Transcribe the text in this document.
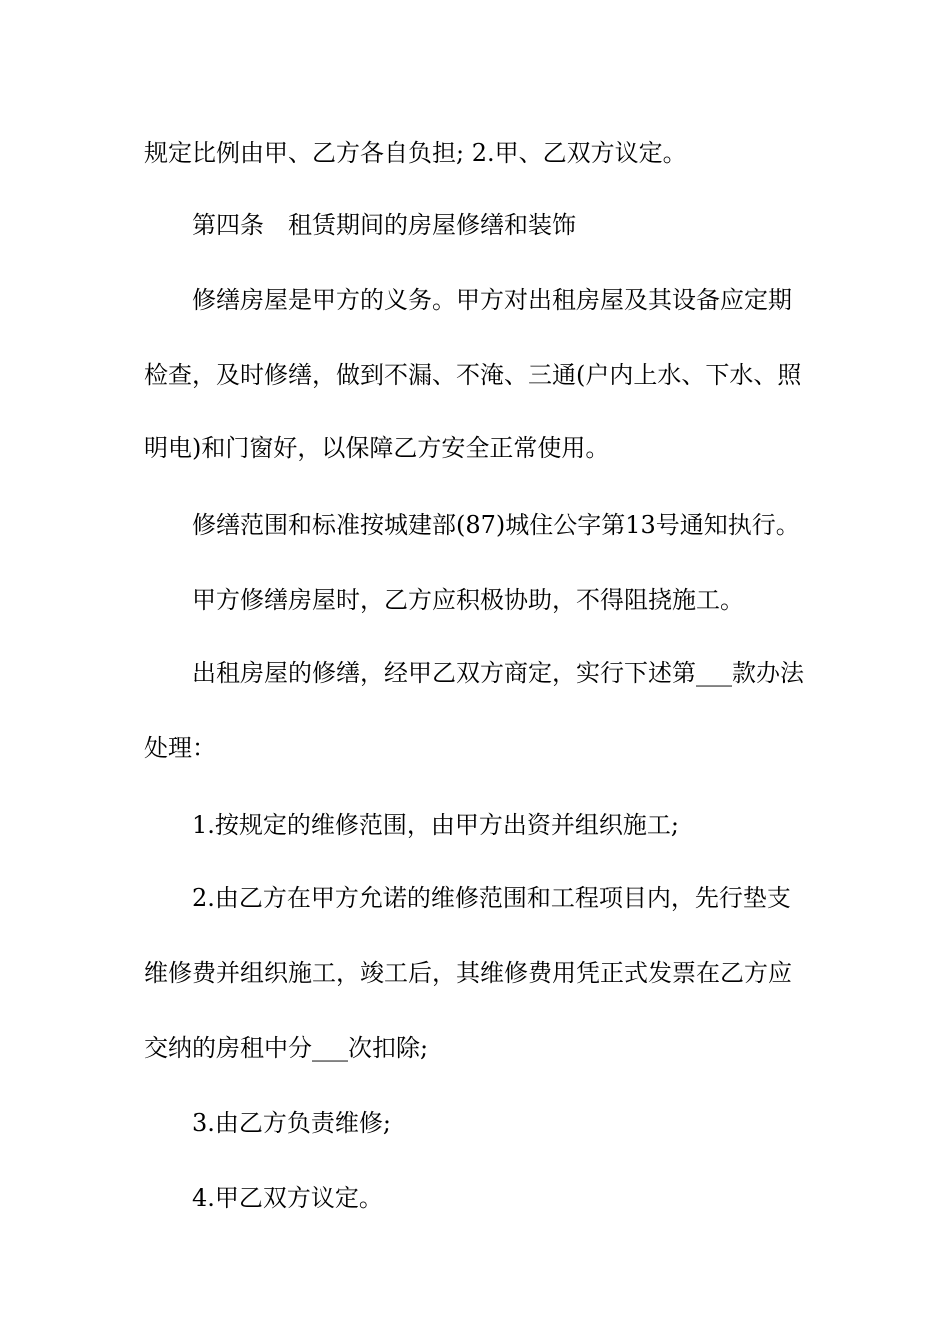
规定比例由甲、乙方各自负担; 2.甲、乙双方议定。
第四条　租赁期间的房屋修缮和装饰
修缮房屋是甲方的义务。甲方对出租房屋及其设备应定期
检查，及时修缮，做到不漏、不淹、三通(户内上水、下水、照
明电)和门窗好，以保障乙方安全正常使用。
修缮范围和标准按城建部(87)城住公字第13号通知执行。
甲方修缮房屋时，乙方应积极协助，不得阻挠施工。
出租房屋的修缮，经甲乙双方商定，实行下述第___款办法
处理：
1.按规定的维修范围，由甲方出资并组织施工;
2.由乙方在甲方允诺的维修范围和工程项目内，先行垫支
维修费并组织施工，竣工后，其维修费用凭正式发票在乙方应
交纳的房租中分___次扣除;
3.由乙方负责维修;
4.甲乙双方议定。
